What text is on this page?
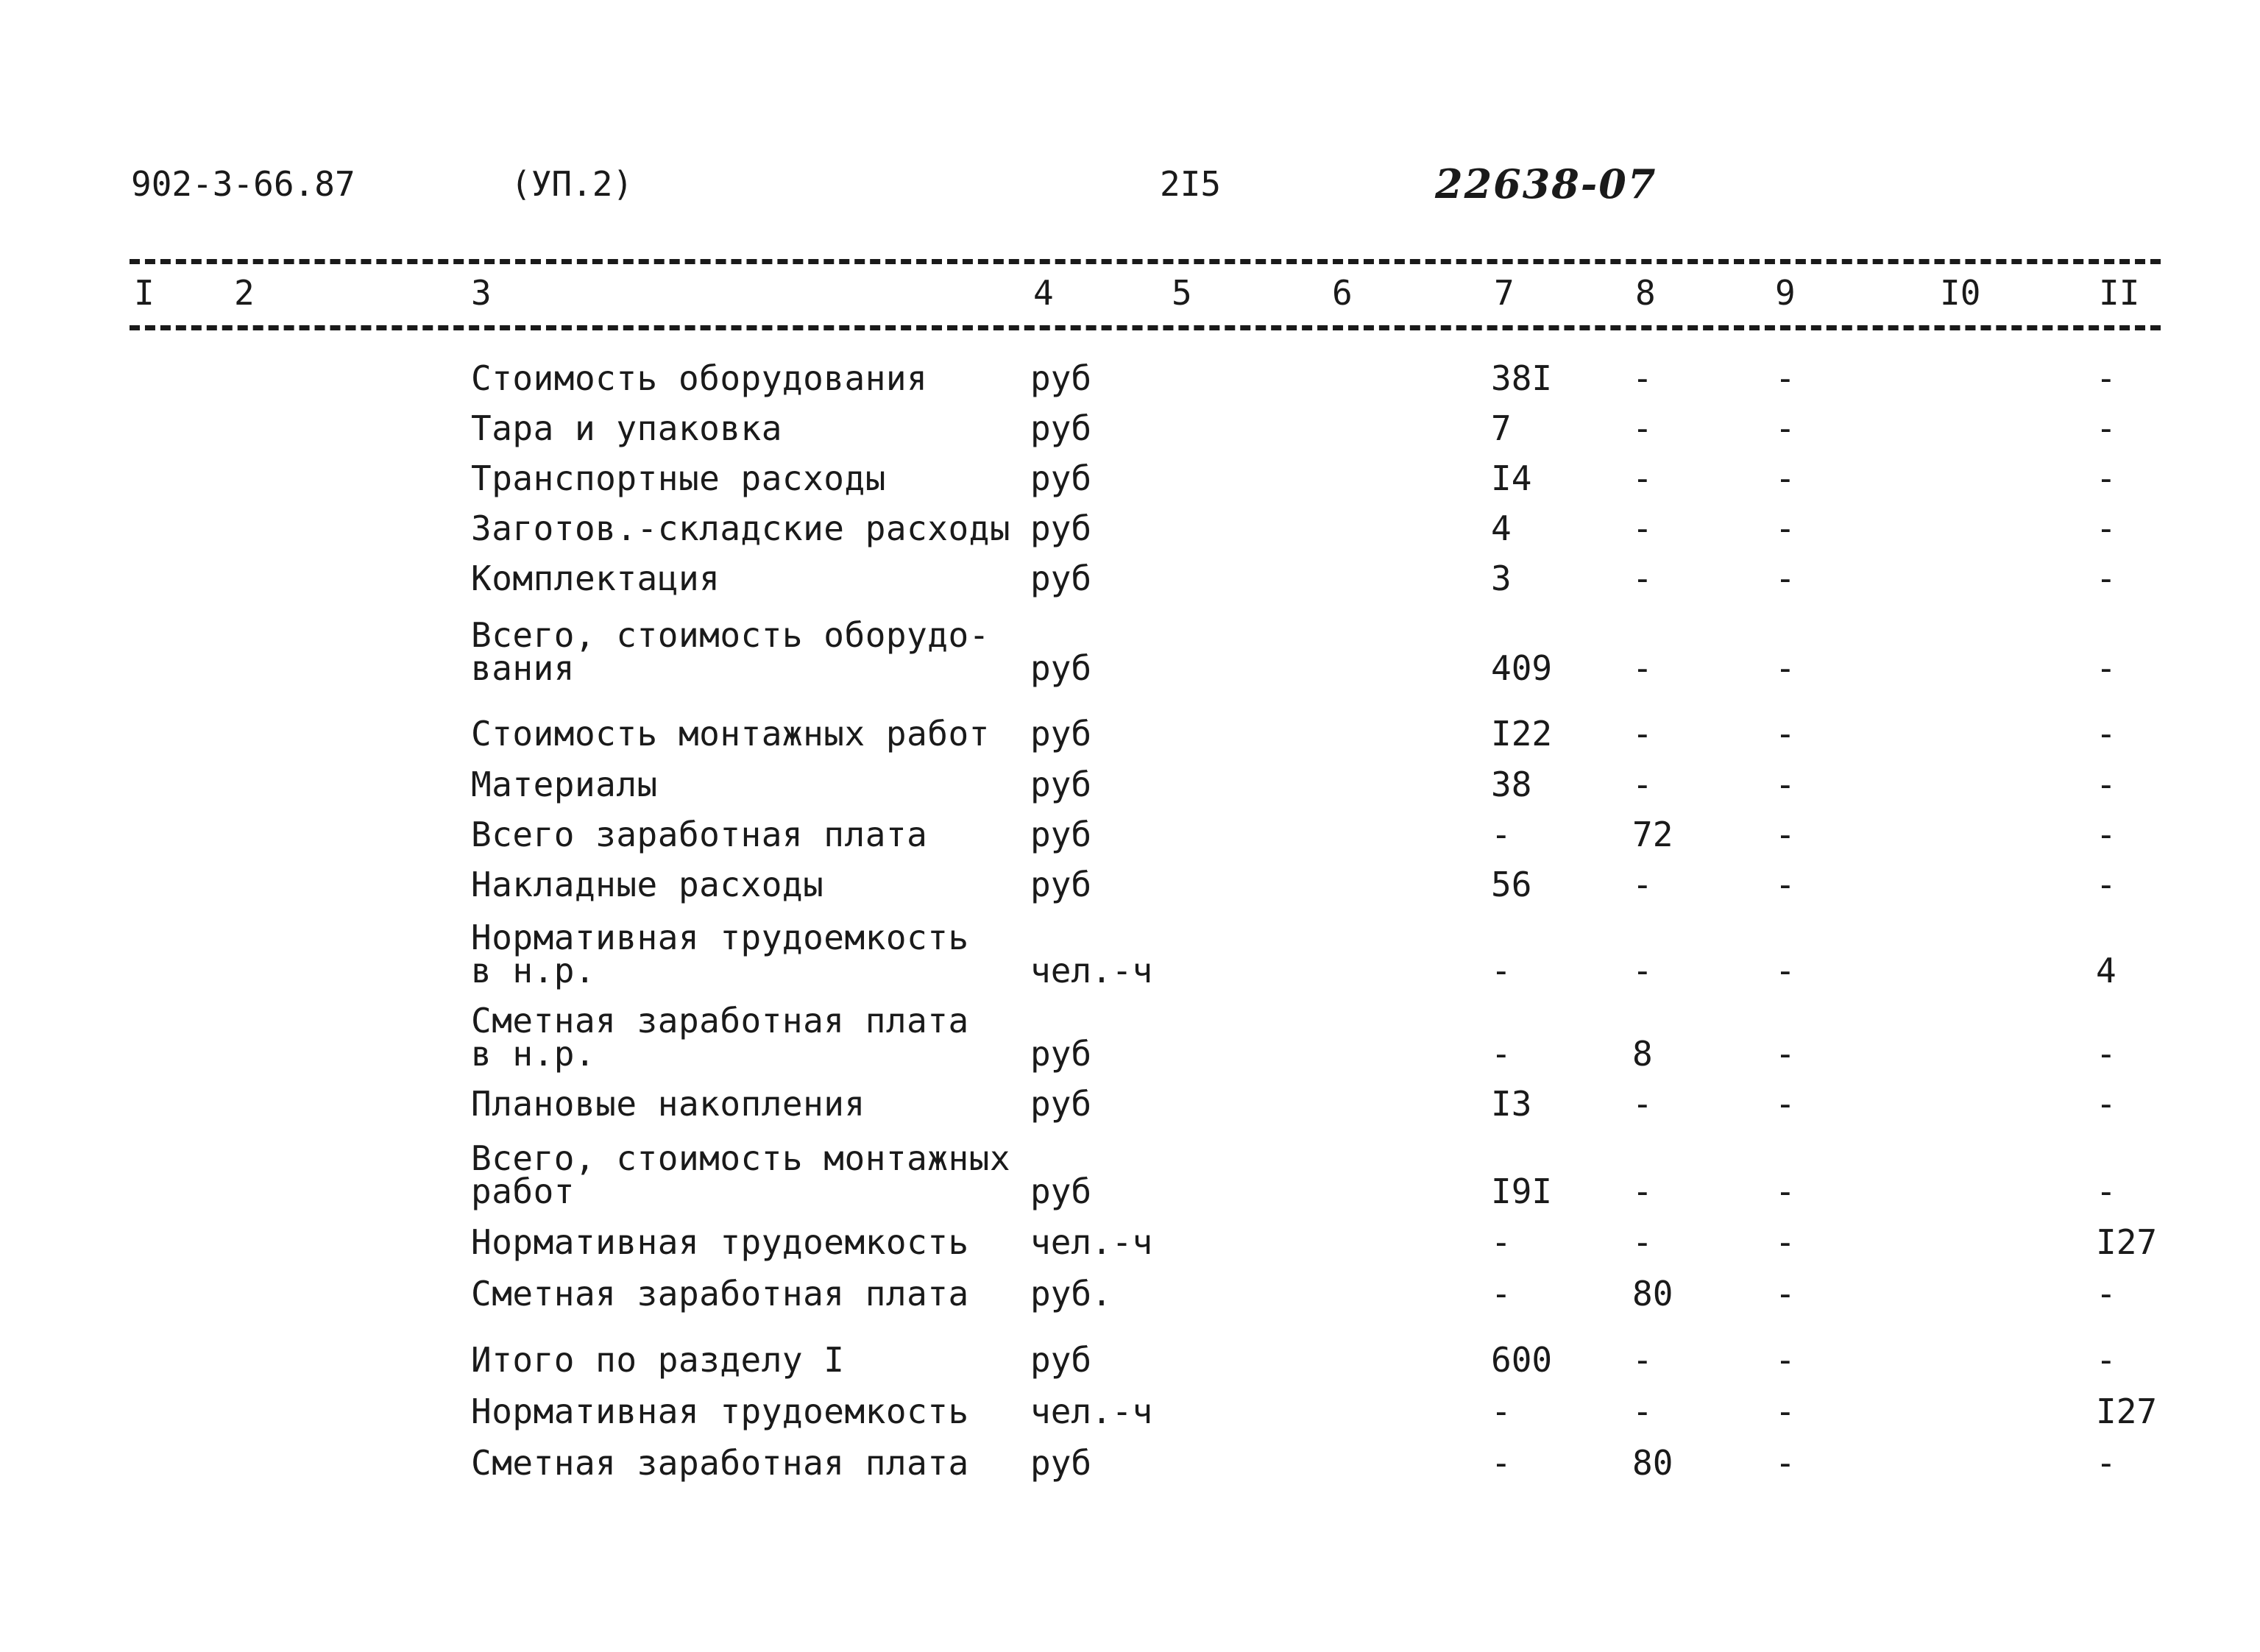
902-3-66.87	(УП.2)	2I5	22638-07
I 2	3	4	5	6	7	8	9	I0	II
Стоимость оборудования	руб	38I -	-	-
Тара и упаковка	руб	7	-	-	-
Транспортные расходы	руб	I4	-	-	-
Заготов.-складские расходы руб	4	-	-	-
Комплектация	руб	3	-	-	-
Всего, стоимость оборудо-
вания	руб	409 -	-	-
Стоимость монтажных работ руб	I22 -	-	-
Материалы	руб	38	-	-	-
Всего заработная плата	руб	-	72	-	-
Накладные расходы	руб	56	-	-	-
Нормативная трудоемкость
в н.р.	чел.-ч	-	-	-	4
Сметная заработная плата
в н.р.	руб	-	8	-	-
Плановые накопления	руб	I3	-	-	-
Всего, стоимость монтажных
работ	руб	I9I -	-	-
Нормативная трудоемкость чел.-ч	-	-	-	I27
Сметная заработная плата руб.	-	80	-	-
Итого по разделу I	руб	600 -	-	-
Нормативная трудоемкость чел.-ч	-	-	-	I27
Сметная заработная плата руб	-	80	-	-
